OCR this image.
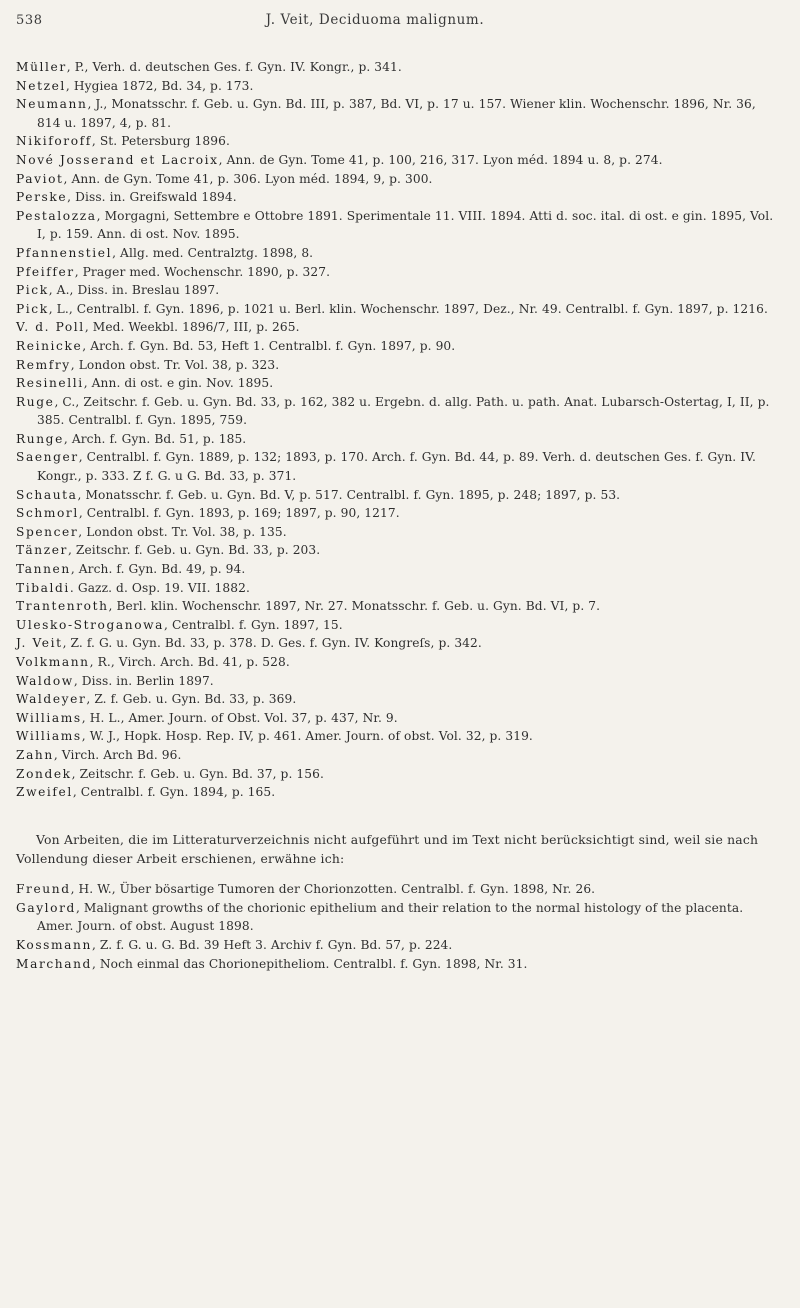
538	J. Veit, Deciduoma malignum.
Müller, P., Verh. d. deutschen Ges. f. Gyn. IV. Kongr., p. 341.
Netzel, Hygiea 1872, Bd. 34, p. 173.
Neumann, J., Monatsschr. f. Geb. u. Gyn. Bd. III, p. 387, Bd. VI, p. 17 u. 157. Wiener klin. Wochenschr. 1896, Nr. 36, 814 u. 1897, 4, p. 81.
Nikiforoff, St. Petersburg 1896.
Nové Josserand et Lacroix, Ann. de Gyn. Tome 41, p. 100, 216, 317. Lyon méd. 1894 u. 8, p. 274.
Paviot, Ann. de Gyn. Tome 41, p. 306. Lyon méd. 1894, 9, p. 300.
Perske, Diss. in. Greifswald 1894.
Pestalozza, Morgagni, Settembre e Ottobre 1891. Sperimentale 11. VIII. 1894. Atti d. soc. ital. di ost. e gin. 1895, Vol. I, p. 159. Ann. di ost. Nov. 1895.
Pfannenstiel, Allg. med. Centralztg. 1898, 8.
Pfeiffer, Prager med. Wochenschr. 1890, p. 327.
Pick, A., Diss. in. Breslau 1897.
Pick, L., Centralbl. f. Gyn. 1896, p. 1021 u. Berl. klin. Wochenschr. 1897, Dez., Nr. 49. Centralbl. f. Gyn. 1897, p. 1216.
V. d. Poll, Med. Weekbl. 1896/7, III, p. 265.
Reinicke, Arch. f. Gyn. Bd. 53, Heft 1. Centralbl. f. Gyn. 1897, p. 90.
Remfry, London obst. Tr. Vol. 38, p. 323.
Resinelli, Ann. di ost. e gin. Nov. 1895.
Ruge, C., Zeitschr. f. Geb. u. Gyn. Bd. 33, p. 162, 382 u. Ergebn. d. allg. Path. u. path. Anat. Lubarsch-Ostertag, I, II, p. 385. Centralbl. f. Gyn. 1895, 759.
Runge, Arch. f. Gyn. Bd. 51, p. 185.
Saenger, Centralbl. f. Gyn. 1889, p. 132; 1893, p. 170. Arch. f. Gyn. Bd. 44, p. 89. Verh. d. deutschen Ges. f. Gyn. IV. Kongr., p. 333. Z f. G. u G. Bd. 33, p. 371.
Schauta, Monatsschr. f. Geb. u. Gyn. Bd. V, p. 517. Centralbl. f. Gyn. 1895, p. 248; 1897, p. 53.
Schmorl, Centralbl. f. Gyn. 1893, p. 169; 1897, p. 90, 1217.
Spencer, London obst. Tr. Vol. 38, p. 135.
Tänzer, Zeitschr. f. Geb. u. Gyn. Bd. 33, p. 203.
Tannen, Arch. f. Gyn. Bd. 49, p. 94.
Tibaldi. Gazz. d. Osp. 19. VII. 1882.
Trantenroth, Berl. klin. Wochenschr. 1897, Nr. 27. Monatsschr. f. Geb. u. Gyn. Bd. VI, p. 7.
Ulesko-Stroganowa, Centralbl. f. Gyn. 1897, 15.
J. Veit, Z. f. G. u. Gyn. Bd. 33, p. 378. D. Ges. f. Gyn. IV. Kongreſs, p. 342.
Volkmann, R., Virch. Arch. Bd. 41, p. 528.
Waldow, Diss. in. Berlin 1897.
Waldeyer, Z. f. Geb. u. Gyn. Bd. 33, p. 369.
Williams, H. L., Amer. Journ. of Obst. Vol. 37, p. 437, Nr. 9.
Williams, W. J., Hopk. Hosp. Rep. IV, p. 461. Amer. Journ. of obst. Vol. 32, p. 319.
Zahn, Virch. Arch Bd. 96.
Zondek, Zeitschr. f. Geb. u. Gyn. Bd. 37, p. 156.
Zweifel, Centralbl. f. Gyn. 1894, p. 165.

Von Arbeiten, die im Litteraturverzeichnis nicht aufgeführt und im Text nicht berücksichtigt sind, weil sie nach Vollendung dieser Arbeit erschienen, erwähne ich:

Freund, H. W., Über bösartige Tumoren der Chorionzotten. Centralbl. f. Gyn. 1898, Nr. 26.
Gaylord, Malignant growths of the chorionic epithelium and their relation to the normal histology of the placenta. Amer. Journ. of obst. August 1898.
Kossmann, Z. f. G. u. G. Bd. 39 Heft 3. Archiv f. Gyn. Bd. 57, p. 224.
Marchand, Noch einmal das Chorionepitheliom. Centralbl. f. Gyn. 1898, Nr. 31.
